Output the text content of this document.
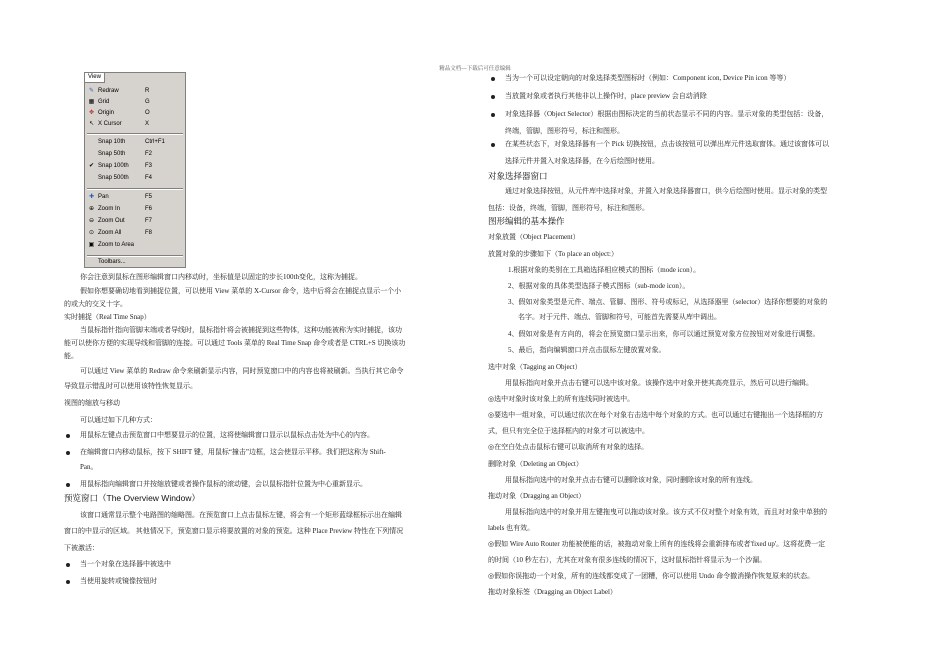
精品文档---下载后可任意编辑
View
✎ Redraw	R
▦ Grid	G
✥ Origin	O
↖ X Cursor	X
Snap 10th	Ctrl+F1
Snap 50th	F2
✔ Snap 100th	F3
Snap 500th	F4
✚ Pan	F5
⊕ Zoom In	F6
⊖ Zoom Out	F7
⊙ Zoom All	F8
▣ Zoom to Area
Toolbars...
你会注意到鼠标在图形编辑窗口内移动时，坐标值是以固定的步长100th变化，这称为捕捉。
假如你想要确切地看到捕捉位置，可以使用 View 菜单的 X-Cursor 命令，选中后将会在捕捉点显示一个小
的或大的交叉十字。
实时捕捉（Real Time Snap）
当鼠标指针指向管脚末端或者导线时，鼠标指针将会被捕捉到这些物体，这种功能被称为实时捕捉，该功
能可以使你方便的实现导线和管脚的连接。可以通过 Tools 菜单的 Real Time Snap 命令或者是 CTRL+S 切换该功
能。
可以通过 View 菜单的 Redraw 命令来刷新显示内容，同时预览窗口中的内容也将被刷新。当执行其它命令
导致显示错乱时可以使用该特性恢复显示。
视图的缩放与移动
可以通过如下几种方式：
用鼠标左键点击预览窗口中想要显示的位置，这将使编辑窗口显示以鼠标点击处为中心的内容。
在编辑窗口内移动鼠标，按下 SHIFT 键，用鼠标“撞击”边框，这会使显示平移。我们把这称为 Shift-
Pan。
用鼠标指向编辑窗口并按缩放键或者操作鼠标的滚动键，会以鼠标指针位置为中心重新显示。
预览窗口（The Overview Window）
该窗口通常显示整个电路图的缩略图。在预览窗口上点击鼠标左键，将会有一个矩形蓝绿框标示出在编辑
窗口的中显示的区域。 其他情况下，预览窗口显示将要放置的对象的预览。这种 Place Preview 特性在下列情况
下被激活：
当一个对象在选择器中被选中
当使用旋转或镜像按钮时
当为一个可以设定朝向的对象选择类型图标时（例如：Component icon, Device Pin icon 等等）
当放置对象或者执行其他非以上操作时，place preview 会自动消除
对象选择器（Object Selector）根据由图标决定的当前状态显示不同的内容。显示对象的类型包括：设备，
终端，管脚，图形符号，标注和图形。
在某些状态下，对象选择器有一个 Pick 切换按钮，点击该按钮可以弹出库元件选取窗体。通过该窗体可以
选择元件并置入对象选择器，在今后绘图时使用。
对象选择器窗口
通过对象选择按钮，从元件库中选择对象，并置入对象选择器窗口，供今后绘图时使用。显示对象的类型
包括：设备，终端，管脚，图形符号，标注和图形。
图形编辑的基本操作
对象放置（Object Placement）
放置对象的步骤如下（To place an object:）
1.根据对象的类别在工具箱选择相应模式的图标（mode icon）。
2、根据对象的具体类型选择子模式图标（sub-mode icon）。
3、假如对象类型是元件、端点、管脚、图形、符号或标记，从选择器里（selector）选择你想要的对象的
名字。对于元件、端点、管脚和符号，可能首先需要从库中调出。
4、假如对象是有方向的，将会在预览窗口显示出来，你可以通过预览对象方位按钮对对象进行调整。
5、最后，指向编辑窗口并点击鼠标左键放置对象。
选中对象（Tagging an Object）
用鼠标指向对象并点击右键可以选中该对象。该操作选中对象并使其高亮显示，然后可以进行编辑。
◎选中对象时该对象上的所有连线同时被选中。
◎要选中一组对象，可以通过依次在每个对象右击选中每个对象的方式。也可以通过右键拖出一个选择框的方
式，但只有完全位于选择框内的对象才可以被选中。
◎在空白处点击鼠标右键可以取消所有对象的选择。
删除对象（Deleting an Object）
用鼠标指向选中的对象并点击右键可以删除该对象，同时删除该对象的所有连线。
拖动对象（Dragging an Object）
用鼠标指向选中的对象并用左键拖曳可以拖动该对象。该方式不仅对整个对象有效，而且对对象中单独的
labels 也有效。
◎假如 Wire Auto Router 功能被使能的话，被拖动对象上所有的连线将会重新排布或者'fixed up'。这将花费一定
的时间（10 秒左右），尤其在对象有很多连线的情况下，这时鼠标指针将显示为一个沙漏。
◎假如你误拖动一个对象，所有的连线都变成了一团糟，你可以使用 Undo 命令撤消操作恢复原来的状态。
拖动对象标签（Dragging an Object Label）
